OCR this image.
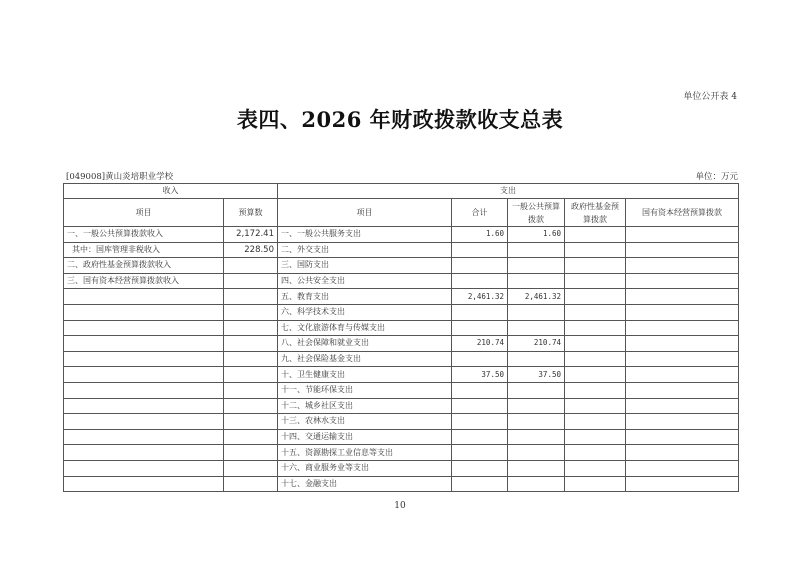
单位公开表 4
表四、2026 年财政拨款收支总表
[049008]黄山炎培职业学校	单位：万元
收入		支出				
项目	预算数	项目	合计	一般公共预算拨款	政府性基金预算拨款	国有资本经营预算拨款
一、一般公共预算拨款收入	2,172.41	一、一般公共服务支出	1.60	1.60		
其中：国库管理非税收入	228.50	二、外交支出				
二、政府性基金预算拨款收入		三、国防支出				
三、国有资本经营预算拨款收入		四、公共安全支出				
		五、教育支出	2,461.32	2,461.32		
		六、科学技术支出				
		七、文化旅游体育与传媒支出				
		八、社会保障和就业支出	210.74	210.74		
		九、社会保险基金支出				
		十、卫生健康支出	37.50	37.50		
		十一、节能环保支出				
		十二、城乡社区支出				
		十三、农林水支出				
		十四、交通运输支出				
		十五、资源勘探工业信息等支出				
		十六、商业服务业等支出				
		十七、金融支出				
10
